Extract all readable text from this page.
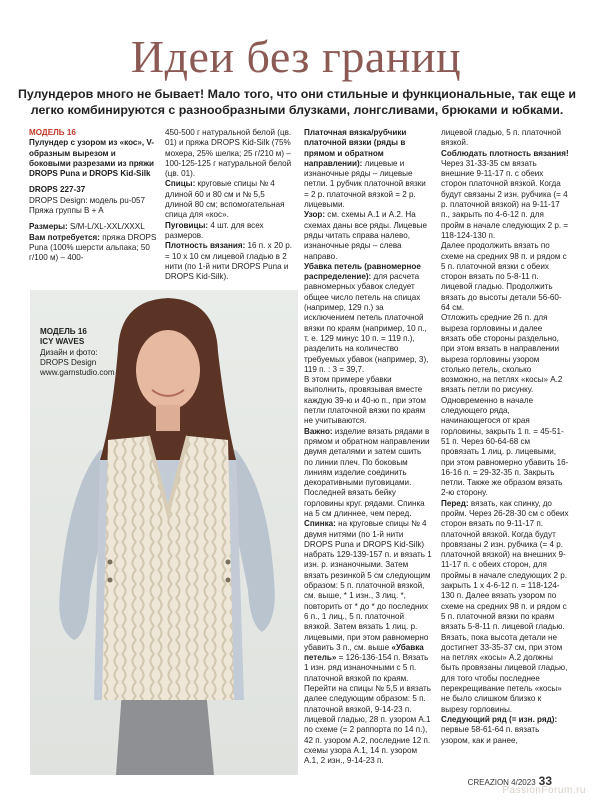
Идеи без границ
Пулундеров много не бывает! Мало того, что они стильные и функциональные, так еще и легко комбинируются с разнообразными блузками, лонгсливами, брюками и юбками.

МОДЕЛЬ 16

Пулундер с узором из «кос», V-образным вырезом и боковыми разрезами из пряжи DROPS Puna и DROPS Kid-Silk

DROPS 227-37

DROPS Design: модель pu-057

Пряжа группы B + A

Размеры: S/M-L/XL-XXL/XXXL

Вам потребуется: пряжа DROPS Puna (100% шерсти альпака; 50 г/100 м) – 400-

450-500 г натуральной белой (цв. 01) и пряжа DROPS Kid-Silk (75% мохера, 25% шелка; 25 г/210 м) – 100-125-125 г натуральной белой (цв. 01).

Спицы: круговые спицы № 4 длиной 60 и 80 см и № 5,5 длиной 80 см; вспомогательная спица для «кос».

Пуговицы: 4 шт. для всех размеров.

Плотность вязания: 16 п. х 20 р. = 10 х 10 см лицевой гладью в 2 нити (по 1-й нити DROPS Puna и DROPS Kid-Silk).

МОДЕЛЬ 16
ICY WAVES
Дизайн и фото:
DROPS Design
www.garnstudio.com

Платочная вязка/рубчики платочной вязки (ряды в прямом и обратном направлении): лицевые и изнаночные ряды – лицевые петли. 1 рубчик платочной вязки = 2 р. платочной вязкой = 2 р. лицевыми.

Узор: см. схемы А.1 и А.2. На схемах даны все ряды. Лицевые ряды читать справа налево, изнаночные ряды – слева направо.

Убавка петель (равномерное распределение): для расчета равномерных убавок следует общее число петель на спицах (например, 129 п.) за исключением петель платочной вязки по краям (например, 10 п., т. е. 129 минус 10 п. = 119 п.), разделить на количество требуемых убавок (например, 3), 119 п. : 3 = 39,7.

В этом примере убавки выполнить, провязывая вместе каждую 39-ю и 40-ю п., при этом петли платочной вязки по краям не учитываются.

Важно: изделие вязать рядами в прямом и обратном направлении двумя деталями и затем сшить по линии плеч. По боковым линиям изделие соединить декоративными пуговицами. Последней вязать бейку горловины круг. рядами. Спинка на 5 см длиннее, чем перед.

Спинка: на круговые спицы № 4 двумя нитями (по 1-й нити DROPS Puna и DROPS Kid-Silk) набрать 129-139-157 п. и вязать 1 изн. р. изнаночными. Затем вязать резинкой 5 см следующим образом: 5 п. платочной вязкой, см. выше, * 1 изн., 3 лиц. *, повторить от * до * до последних 6 п., 1 лиц., 5 п. платочной вязкой. Затем вязать 1 лиц. р. лицевыми, при этом равномерно убавить 3 п., см. выше «Убавка петель» = 126-136-154 п. Вязать 1 изн. ряд изнаночными с 5 п. платочной вязкой по краям. Перейти на спицы № 5,5 и вязать далее следующим образом: 5 п. платочной вязкой, 9-14-23 п. лицевой гладью, 28 п. узором А.1 по схеме (= 2 раппорта по 14 п.), 42 п. узором А.2, последние 12 п. схемы узора А.1, 14 п. узором А.1, 2 изн., 9-14-23 п.

лицевой гладью, 5 п. платочной вязкой.

Соблюдать плотность вязания!

Через 31-33-35 см вязать внешние 9-11-17 п. с обеих сторон платочной вязкой. Когда будут связаны 2 изн. рубчика (= 4 р. платочной вязкой) на 9-11-17 п., закрыть по 4-6-12 п. для пройм в начале следующих 2 р. = 118-124-130 п.

Далее продолжить вязать по схеме на средних 98 п. и рядом с 5 п. платочной вязки с обеих сторон вязать по 5-8-11 п. лицевой гладью. Продолжить вязать до высоты детали 56-60-64 см.

Отложить средние 26 п. для выреза горловины и далее вязать обе стороны раздельно, при этом вязать в направлении выреза горловины узором столько петель, сколько возможно, на петлях «косы» А.2 вязать петли по рисунку. Одновременно в начале следующего ряда, начинающегося от края горловины, закрыть 1 п. = 45-51-51 п. Через 60-64-68 см провязать 1 лиц. р. лицевыми, при этом равномерно убавить 16-16-16 п. = 29-32-35 п. Закрыть петли. Также же образом вязать 2-ю сторону.

Перед: вязать, как спинку, до пройм. Через 26-28-30 см с обеих сторон вязать по 9-11-17 п. платочной вязкой. Когда будут провязаны 2 изн. рубчика (= 4 р. платочной вязкой) на внешних 9-11-17 п. с обеих сторон, для проймы в начале следующих 2 р. закрыть 1 х 4-6-12 п. = 118-124-130 п. Далее вязать узором по схеме на средних 98 п. и рядом с 5 п. платочной вязки по краям вязать 5-8-11 п. лицевой гладью. Вязать, пока высота детали не достигнет 33-35-37 см, при этом на петлях «косы» A.2 должны быть провязаны лицевой гладью, для того чтобы последнее перекрещивание петель «косы» не было слишком близко к вырезу горловины.

Следующий ряд (= изн. ряд): первые 58-61-64 п. вязать узором, как и ранее,

CREAZION 4/2023 33
PassionForum.ru
